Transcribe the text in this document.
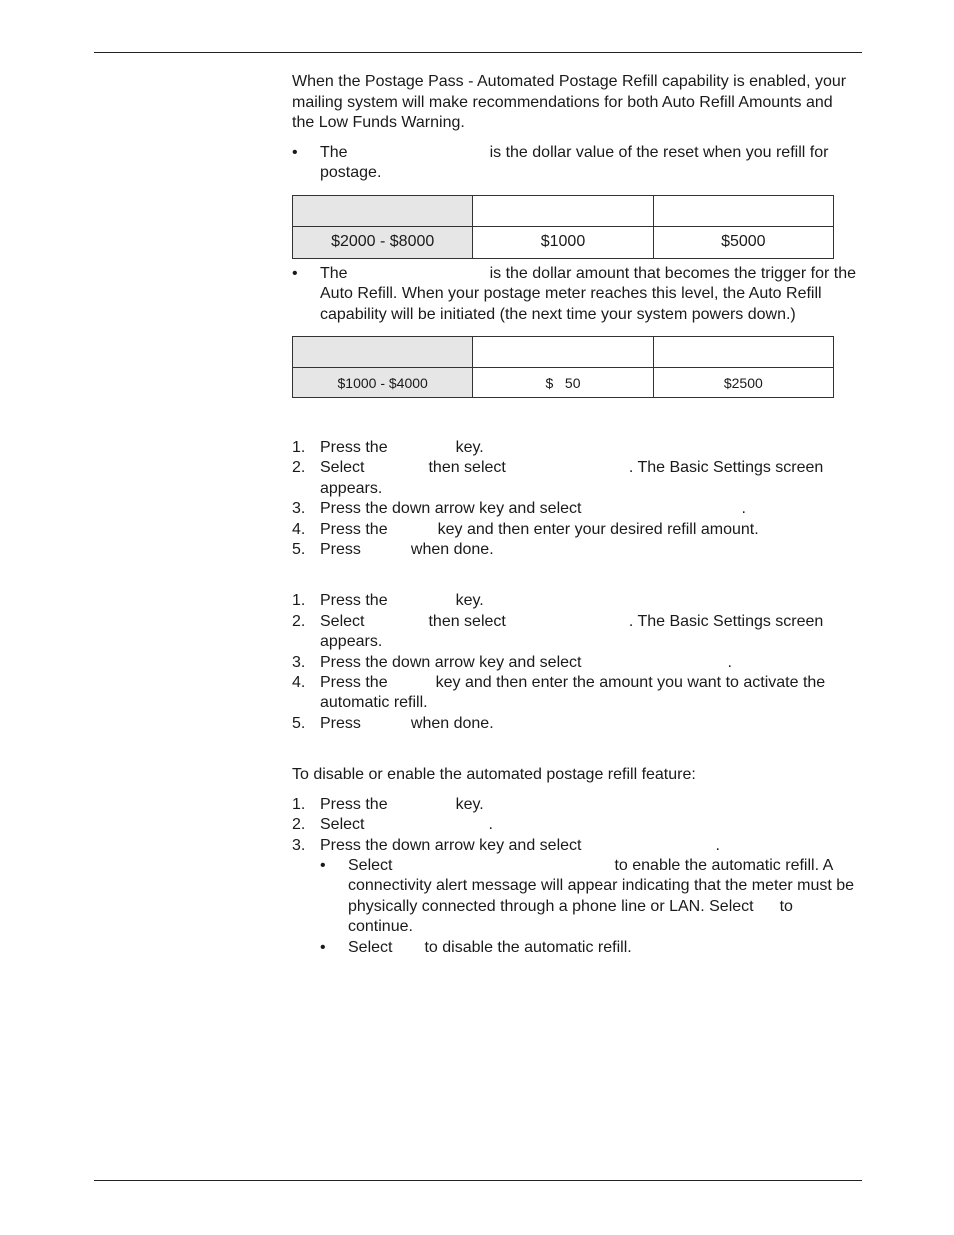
When the Postage Pass - Automated Postage Refill capability is enabled, your mailing system will make recommendations for both Auto Refill Amounts and the Low Funds Warning.

• The	is the dollar value of the reset when you refill for postage.

$2000 - $8000	$1000	$5000
• The	is the dollar amount that becomes the trigger for the Auto Refill. When your postage meter reaches this level, the Auto Refill capability will be initiated (the next time your system powers down.)

$1000 - $4000	$   50	$2500
1. Press the	key.
2. Select	then select	. The Basic Settings screen appears.
3. Press the down arrow key and select	.
4. Press the	key and then enter your desired refill amount.
5. Press	when done.
1. Press the	key.
2. Select	then select	. The Basic Settings screen appears.
3. Press the down arrow key and select	.
4. Press the	key and then enter the amount you want to activate the automatic refill.
5. Press	when done.

To disable or enable the automated postage refill feature:

1. Press the	key.
2. Select	.
3. Press the down arrow key and select	.
• Select	to enable the automatic refill. A connectivity alert message will appear indicating that the meter must be physically connected through a phone line or LAN. Select to continue.
• Select to disable the automatic refill.
